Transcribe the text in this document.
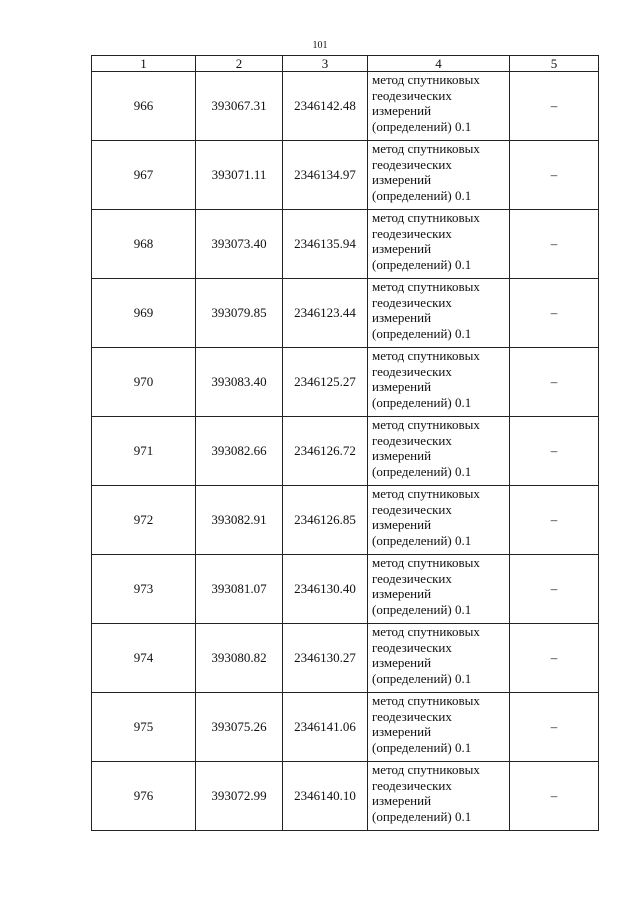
101
1	2	3	4	5
966	393067.31	2346142.48	метод спутниковых
геодезических
измерений
(определений) 0.1	–
967	393071.11	2346134.97	метод спутниковых
геодезических
измерений
(определений) 0.1	–
968	393073.40	2346135.94	метод спутниковых
геодезических
измерений
(определений) 0.1	–
969	393079.85	2346123.44	метод спутниковых
геодезических
измерений
(определений) 0.1	–
970	393083.40	2346125.27	метод спутниковых
геодезических
измерений
(определений) 0.1	–
971	393082.66	2346126.72	метод спутниковых
геодезических
измерений
(определений) 0.1	–
972	393082.91	2346126.85	метод спутниковых
геодезических
измерений
(определений) 0.1	–
973	393081.07	2346130.40	метод спутниковых
геодезических
измерений
(определений) 0.1	–
974	393080.82	2346130.27	метод спутниковых
геодезических
измерений
(определений) 0.1	–
975	393075.26	2346141.06	метод спутниковых
геодезических
измерений
(определений) 0.1	–
976	393072.99	2346140.10	метод спутниковых
геодезических
измерений
(определений) 0.1	–
